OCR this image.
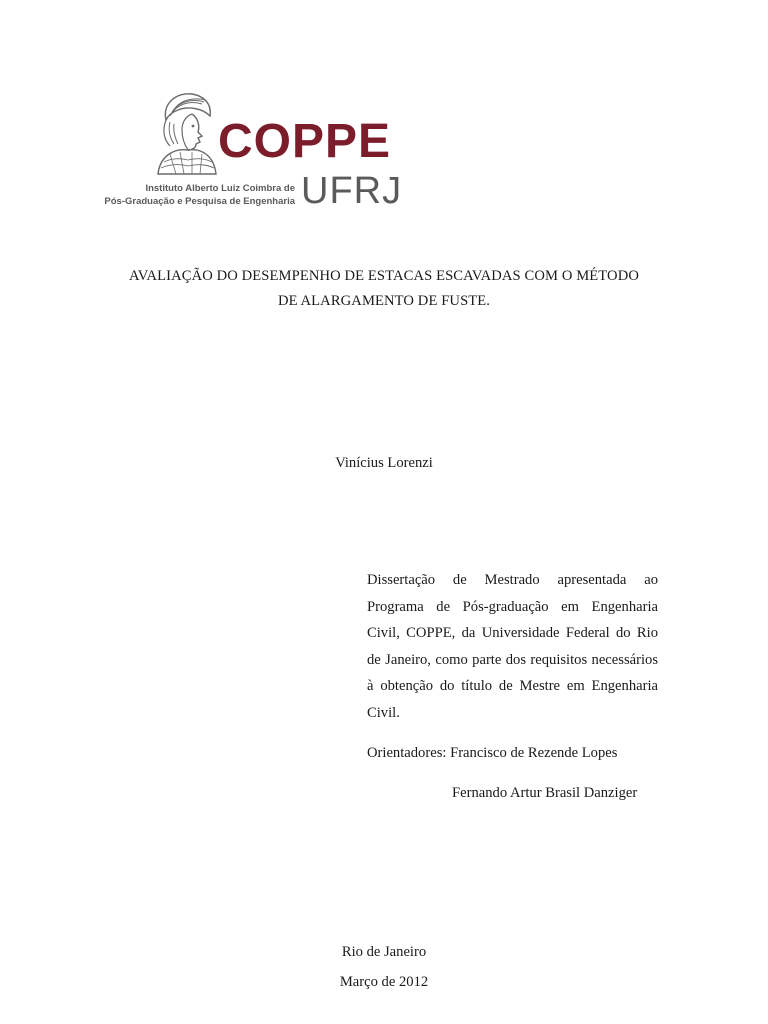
COPPE
UFRJ
Instituto Alberto Luiz Coimbra de
Pós-Graduação e Pesquisa de Engenharia
AVALIAÇÃO DO DESEMPENHO DE ESTACAS ESCAVADAS COM O MÉTODO
DE ALARGAMENTO DE FUSTE.
Vinícius Lorenzi
Dissertação de Mestrado apresentada ao Programa de Pós-graduação em Engenharia Civil, COPPE, da Universidade Federal do Rio de Janeiro, como parte dos requisitos necessários à obtenção do título de Mestre em Engenharia Civil.
Orientadores: Francisco de Rezende Lopes
Fernando Artur Brasil Danziger
Rio de Janeiro
Março de 2012
